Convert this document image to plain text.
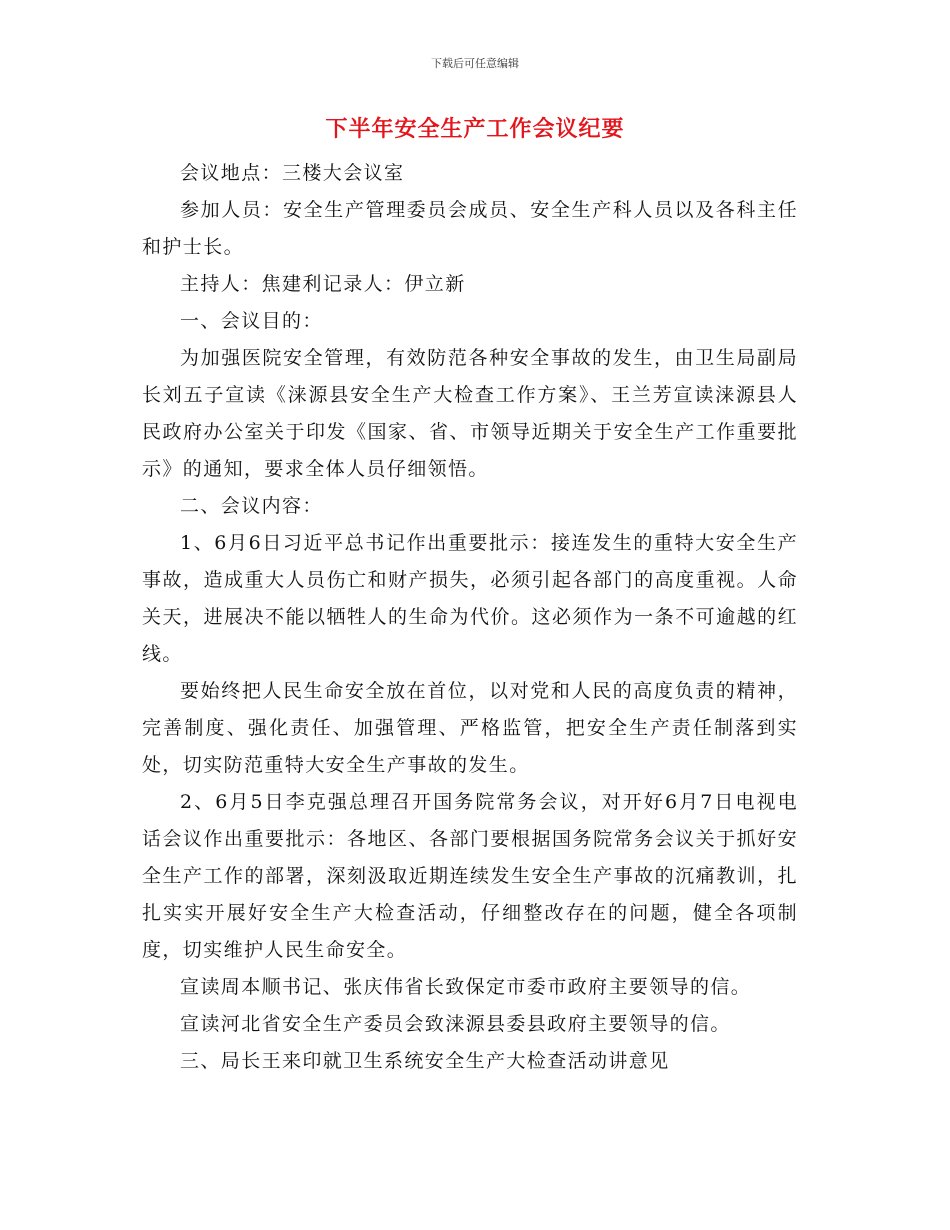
下载后可任意编辑
下半年安全生产工作会议纪要

会议地点：三楼大会议室

参加人员：安全生产管理委员会成员、安全生产科人员以及各科主任和护士长。

主持人：焦建利记录人：伊立新

一、会议目的：

为加强医院安全管理，有效防范各种安全事故的发生，由卫生局副局长刘五子宣读《涞源县安全生产大检查工作方案》、王兰芳宣读涞源县人民政府办公室关于印发《国家、省、市领导近期关于安全生产工作重要批示》的通知，要求全体人员仔细领悟。

二、会议内容：

1、6月6日习近平总书记作出重要批示：接连发生的重特大安全生产事故，造成重大人员伤亡和财产损失，必须引起各部门的高度重视。人命关天，进展决不能以牺牲人的生命为代价。这必须作为一条不可逾越的红线。

要始终把人民生命安全放在首位，以对党和人民的高度负责的精神，完善制度、强化责任、加强管理、严格监管，把安全生产责任制落到实处，切实防范重特大安全生产事故的发生。

2、6月5日李克强总理召开国务院常务会议，对开好6月7日电视电话会议作出重要批示：各地区、各部门要根据国务院常务会议关于抓好安全生产工作的部署，深刻汲取近期连续发生安全生产事故的沉痛教训，扎扎实实开展好安全生产大检查活动，仔细整改存在的问题，健全各项制度，切实维护人民生命安全。

宣读周本顺书记、张庆伟省长致保定市委市政府主要领导的信。

宣读河北省安全生产委员会致涞源县委县政府主要领导的信。

三、局长王来印就卫生系统安全生产大检查活动讲意见
